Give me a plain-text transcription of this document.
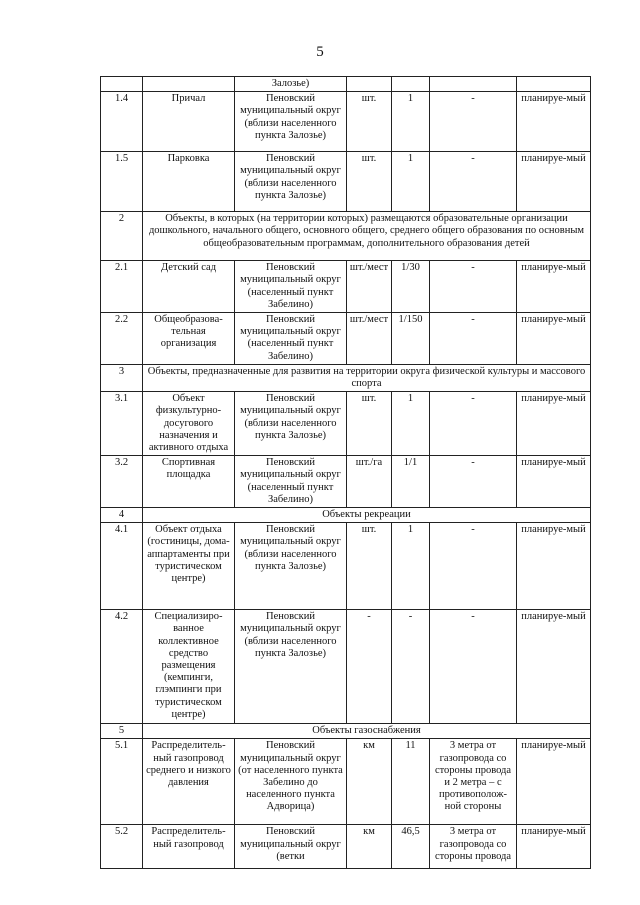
5
		Залозье)				
1.4	Причал	Пеновский муниципальный округ (вблизи населенного пункта Залозье)	шт.	1	-	планируе-мый
1.5	Парковка	Пеновский муниципальный округ (вблизи населенного пункта Залозье)	шт.	1	-	планируе-мый
2	Объекты, в которых (на территории которых) размещаются образовательные организации дошкольного, начального общего, основного общего, среднего общего образования по основным общеобразовательным программам, дополнительного образования детей					
2.1	Детский сад	Пеновский муниципальный округ (населенный пункт Забелино)	шт./мест	1/30	-	планируе-мый
2.2	Общеобразова-тельная организация	Пеновский муниципальный округ (населенный пункт Забелино)	шт./мест	1/150	-	планируе-мый
3	Объекты, предназначенные для развития на территории округа физической культуры и массового спорта					
3.1	Объект физкультурно-досугового назначения и активного отдыха	Пеновский муниципальный округ (вблизи населенного пункта Залозье)	шт.	1	-	планируе-мый
3.2	Спортивная площадка	Пеновский муниципальный округ (населенный пункт Забелино)	шт./га	1/1	-	планируе-мый
4	Объекты рекреации					
4.1	Объект отдыха (гостиницы, дома-аппартаменты при туристическом центре)	Пеновский муниципальный округ (вблизи населенного пункта Залозье)	шт.	1	-	планируе-мый
4.2	Специализиро-ванное коллективное средство размещения (кемпинги, глэмпинги при туристическом центре)	Пеновский муниципальный округ (вблизи населенного пункта Залозье)	-	-	-	планируе-мый
5	Объекты газоснабжения					
5.1	Распределитель-ный газопровод среднего и низкого давления	Пеновский муниципальный округ (от населенного пункта Забелино до населенного пункта Адворица)	км	11	3 метра от газопровода со стороны провода и 2 метра – с противополож-ной стороны	планируе-мый
5.2	Распределитель-ный газопровод	Пеновский муниципальный округ (ветки	км	46,5	3 метра от газопровода со стороны провода	планируе-мый
